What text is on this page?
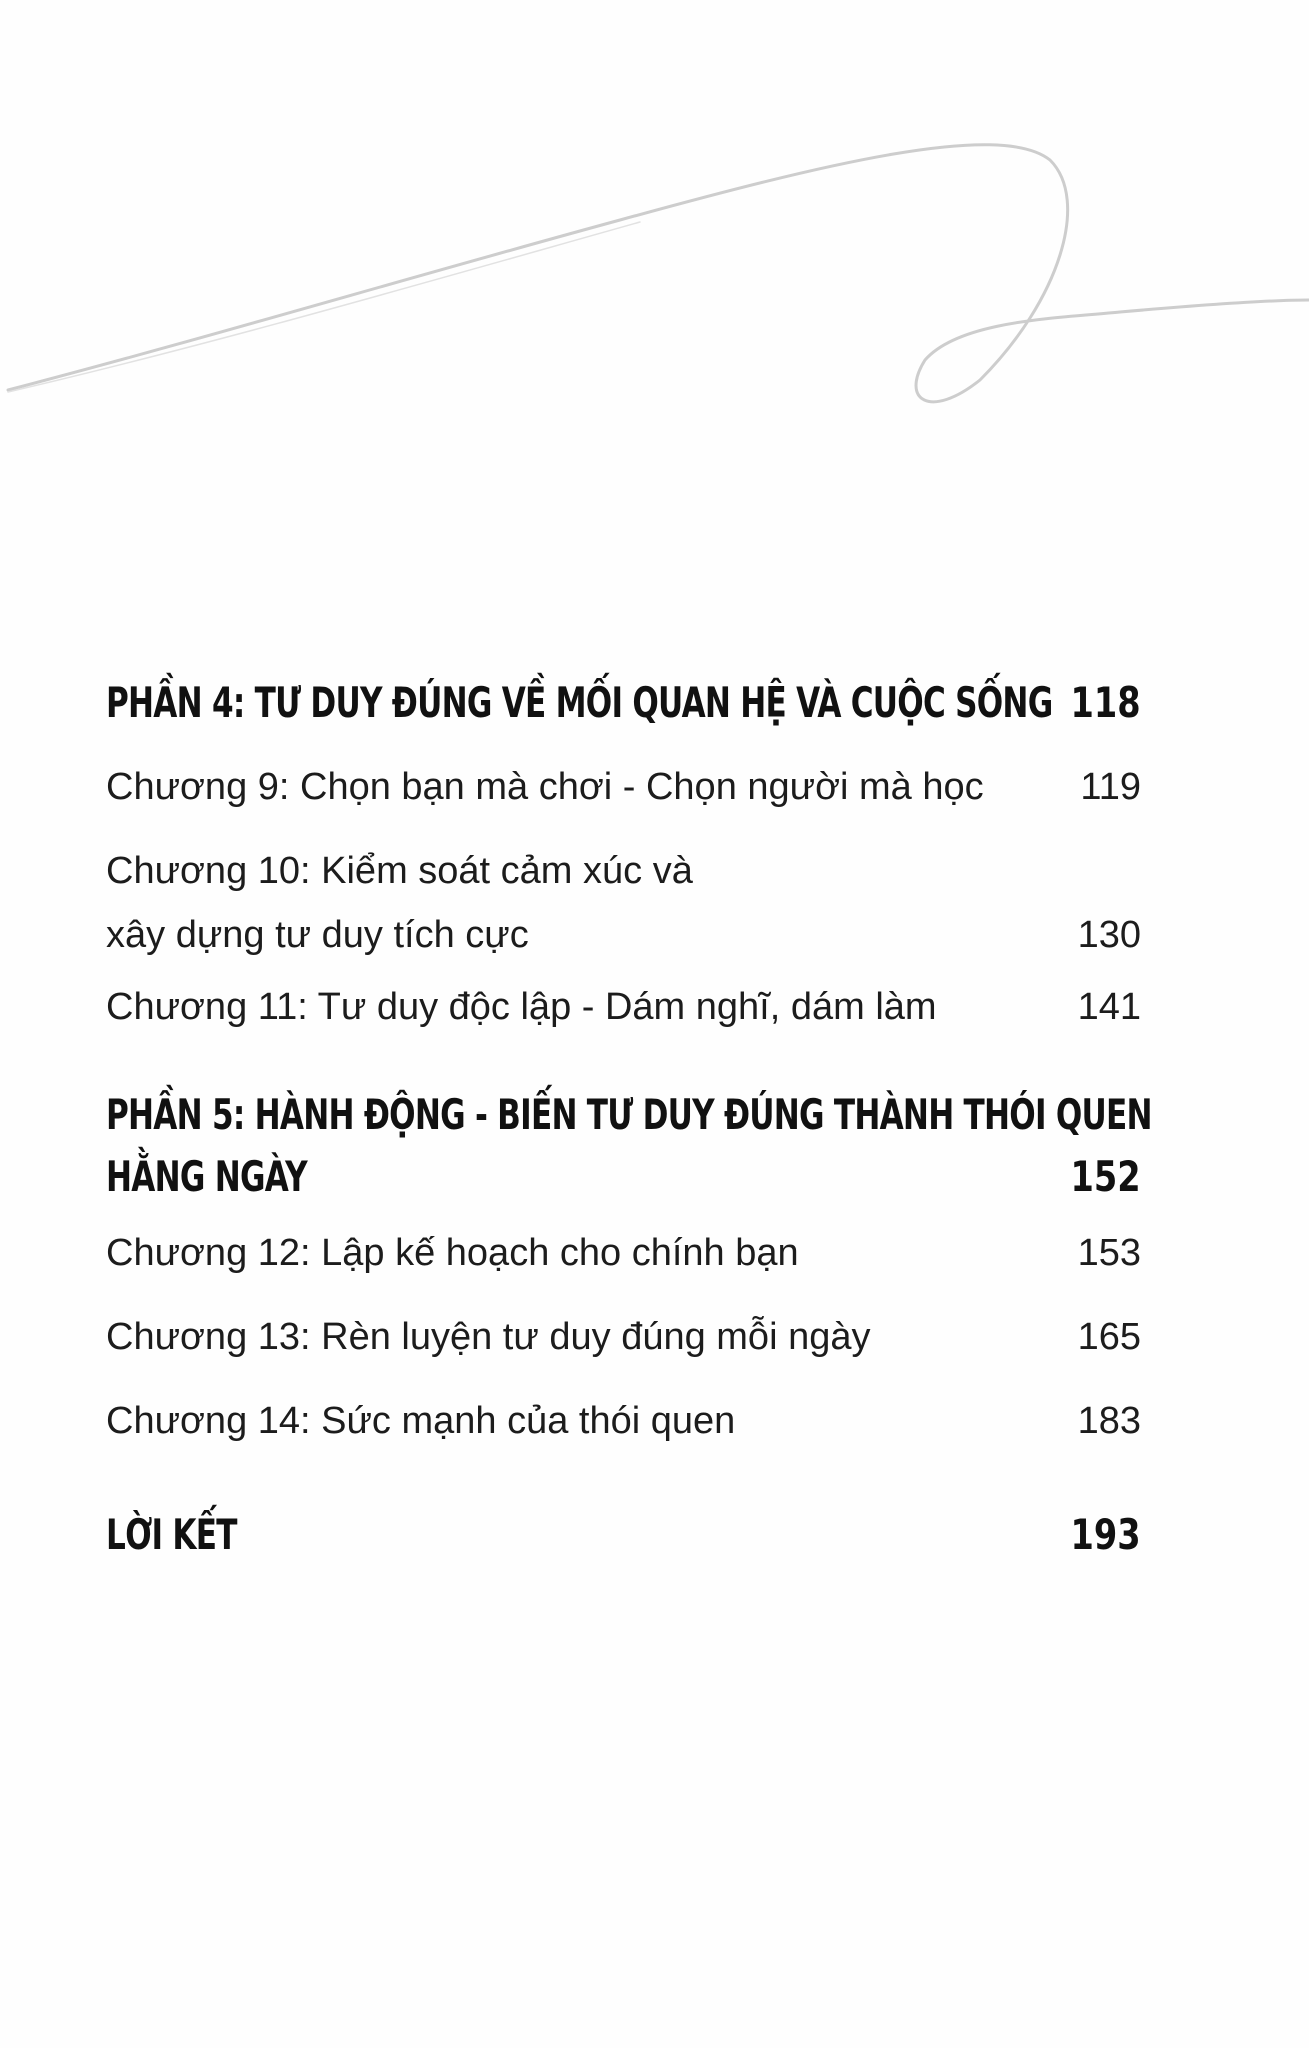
PHẦN 4: TƯ DUY ĐÚNG VỀ MỐI QUAN HỆ VÀ CUỘC SỐNG 118
Chương 9: Chọn bạn mà chơi - Chọn người mà học	119
Chương 10: Kiểm soát cảm xúc và
xây dựng tư duy tích cực	130
Chương 11: Tư duy độc lập - Dám nghĩ, dám làm	141
PHẦN 5: HÀNH ĐỘNG - BIẾN TƯ DUY ĐÚNG THÀNH THÓI QUEN
HẰNG NGÀY	152
Chương 12: Lập kế hoạch cho chính bạn	153
Chương 13: Rèn luyện tư duy đúng mỗi ngày	165
Chương 14: Sức mạnh của thói quen	183
LỜI KẾT	193
